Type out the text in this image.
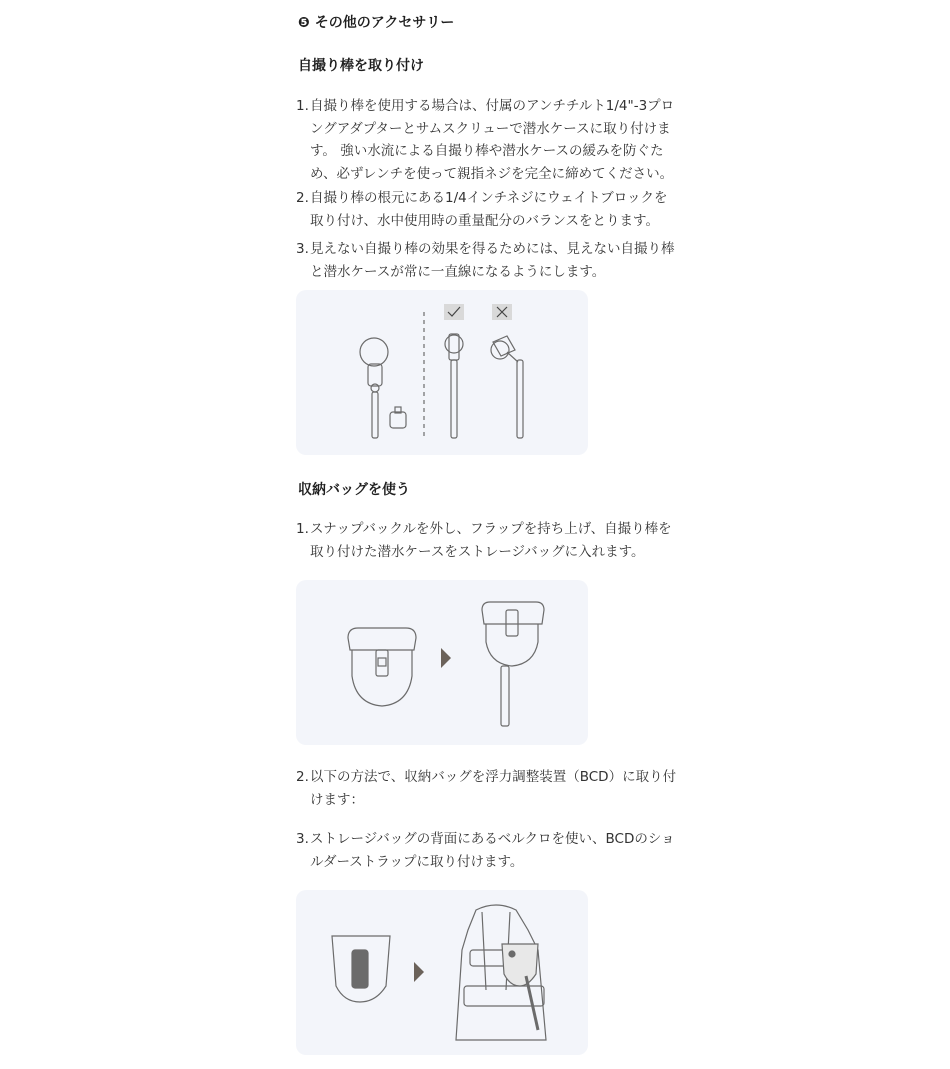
❺ その他のアクセサリー
自撮り棒を取り付け
1. 自撮り棒を使用する場合は、付属のアンチチルト1/4"-3プロ
ングアダプターとサムスクリューで潜水ケースに取り付けま
す。 強い水流による自撮り棒や潜水ケースの緩みを防ぐた
め、必ずレンチを使って親指ネジを完全に締めてください。
2. 自撮り棒の根元にある1/4インチネジにウェイトブロックを
取り付け、水中使用時の重量配分のバランスをとります。
3. 見えない自撮り棒の効果を得るためには、見えない自撮り棒
と潜水ケースが常に一直線になるようにします。
収納バッグを使う
1. スナップバックルを外し、フラップを持ち上げ、自撮り棒を
取り付けた潜水ケースをストレージバッグに入れます。
2. 以下の方法で、収納バッグを浮力調整装置（BCD）に取り付
けます：
3. ストレージバッグの背面にあるベルクロを使い、BCDのショ
ルダーストラップに取り付けます。
